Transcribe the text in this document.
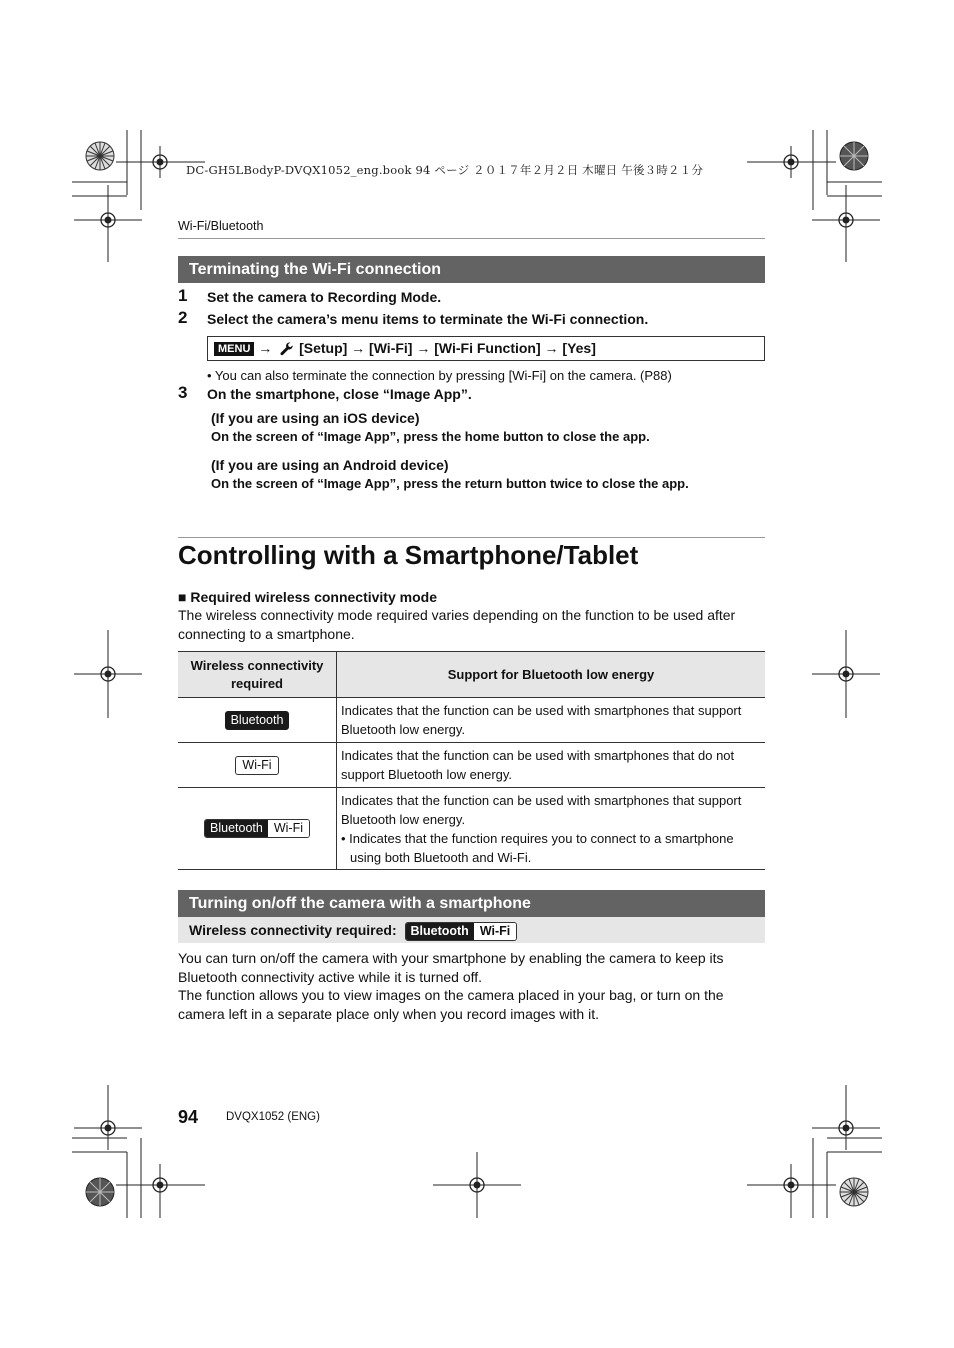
DC-GH5LBodyP-DVQX1052_eng.book 94 ページ ２０１７年２月２日 木曜日 午後３時２１分
Wi-Fi/Bluetooth
Terminating the Wi-Fi connection
1 Set the camera to Recording Mode.
2 Select the camera’s menu items to terminate the Wi-Fi connection.
MENU → [Setup] → [Wi-Fi] → [Wi-Fi Function] → [Yes]
• You can also terminate the connection by pressing [Wi-Fi] on the camera. (P88)
3 On the smartphone, close “Image App”.
(If you are using an iOS device)
On the screen of “Image App”, press the home button to close the app.
(If you are using an Android device)
On the screen of “Image App”, press the return button twice to close the app.
Controlling with a Smartphone/Tablet
■ Required wireless connectivity mode
The wireless connectivity mode required varies depending on the function to be used after connecting to a smartphone.
Wireless connectivity required	Support for Bluetooth low energy
Bluetooth	Indicates that the function can be used with smartphones that support Bluetooth low energy.
Wi-Fi	Indicates that the function can be used with smartphones that do not support Bluetooth low energy.

Bluetooth Wi-Fi	Indicates that the function can be used with smartphones that support Bluetooth low energy.
• Indicates that the function requires you to connect to a smartphone using both Bluetooth and Wi-Fi.
Turning on/off the camera with a smartphone
Wireless connectivity required:	Bluetooth Wi-Fi
You can turn on/off the camera with your smartphone by enabling the camera to keep its Bluetooth connectivity active while it is turned off.
The function allows you to view images on the camera placed in your bag, or turn on the camera left in a separate place only when you record images with it.
94 DVQX1052 (ENG)
